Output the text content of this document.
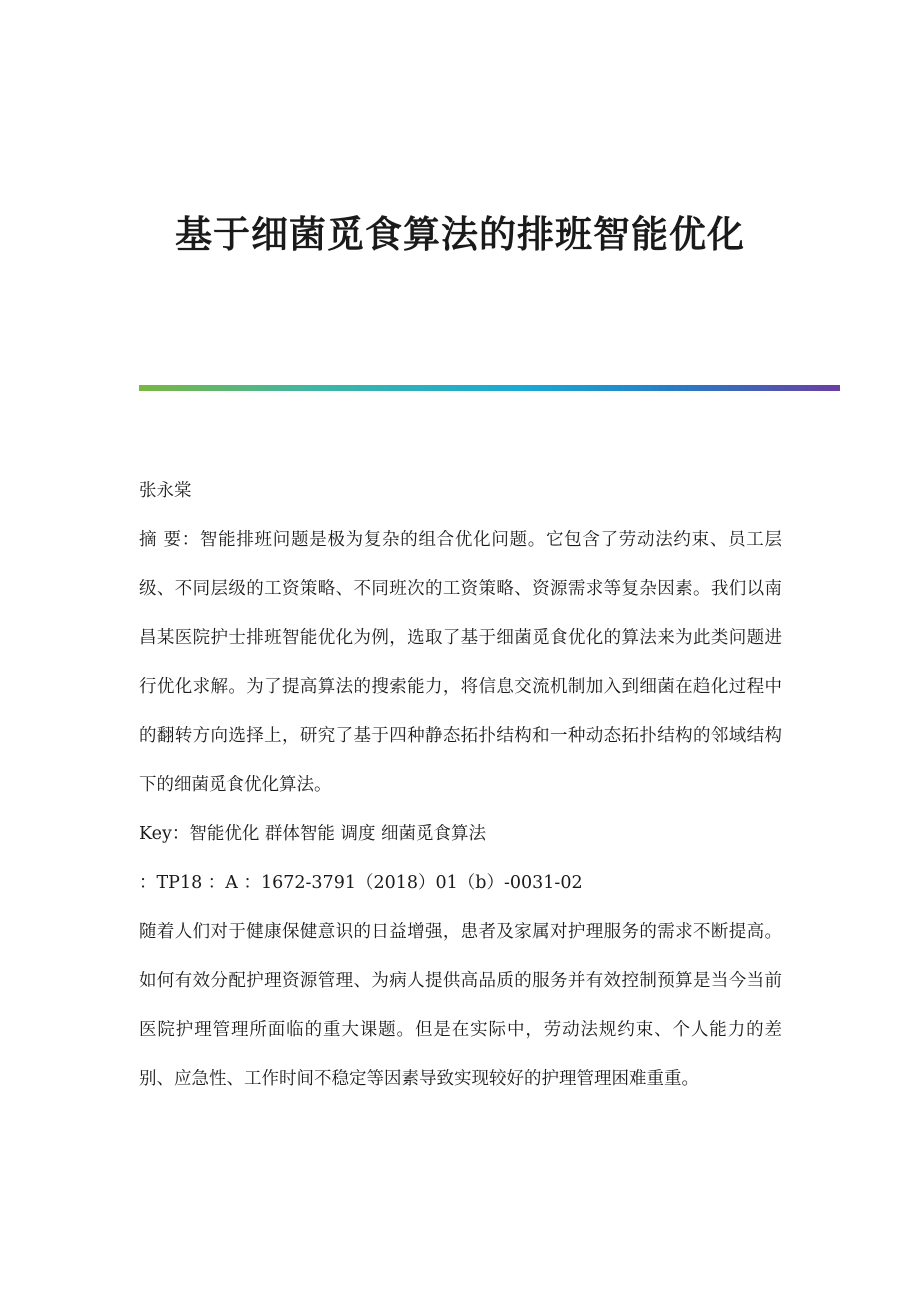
基于细菌觅食算法的排班智能优化

张永棠

摘 要：智能排班问题是极为复杂的组合优化问题。它包含了劳动法约束、员工层级、不同层级的工资策略、不同班次的工资策略、资源需求等复杂因素。我们以南昌某医院护士排班智能优化为例，选取了基于细菌觅食优化的算法来为此类问题进行优化求解。为了提高算法的搜索能力，将信息交流机制加入到细菌在趋化过程中的翻转方向选择上，研究了基于四种静态拓扑结构和一种动态拓扑结构的邻域结构下的细菌觅食优化算法。

Key：智能优化 群体智能 调度 细菌觅食算法

：TP18 ：A ：1672-3791（2018）01（b）-0031-02

随着人们对于健康保健意识的日益增强，患者及家属对护理服务的需求不断提高。如何有效分配护理资源管理、为病人提供高品质的服务并有效控制预算是当今当前医院护理管理所面临的重大课题。但是在实际中，劳动法规约束、个人能力的差别、应急性、工作时间不稳定等因素导致实现较好的护理管理困难重重。
